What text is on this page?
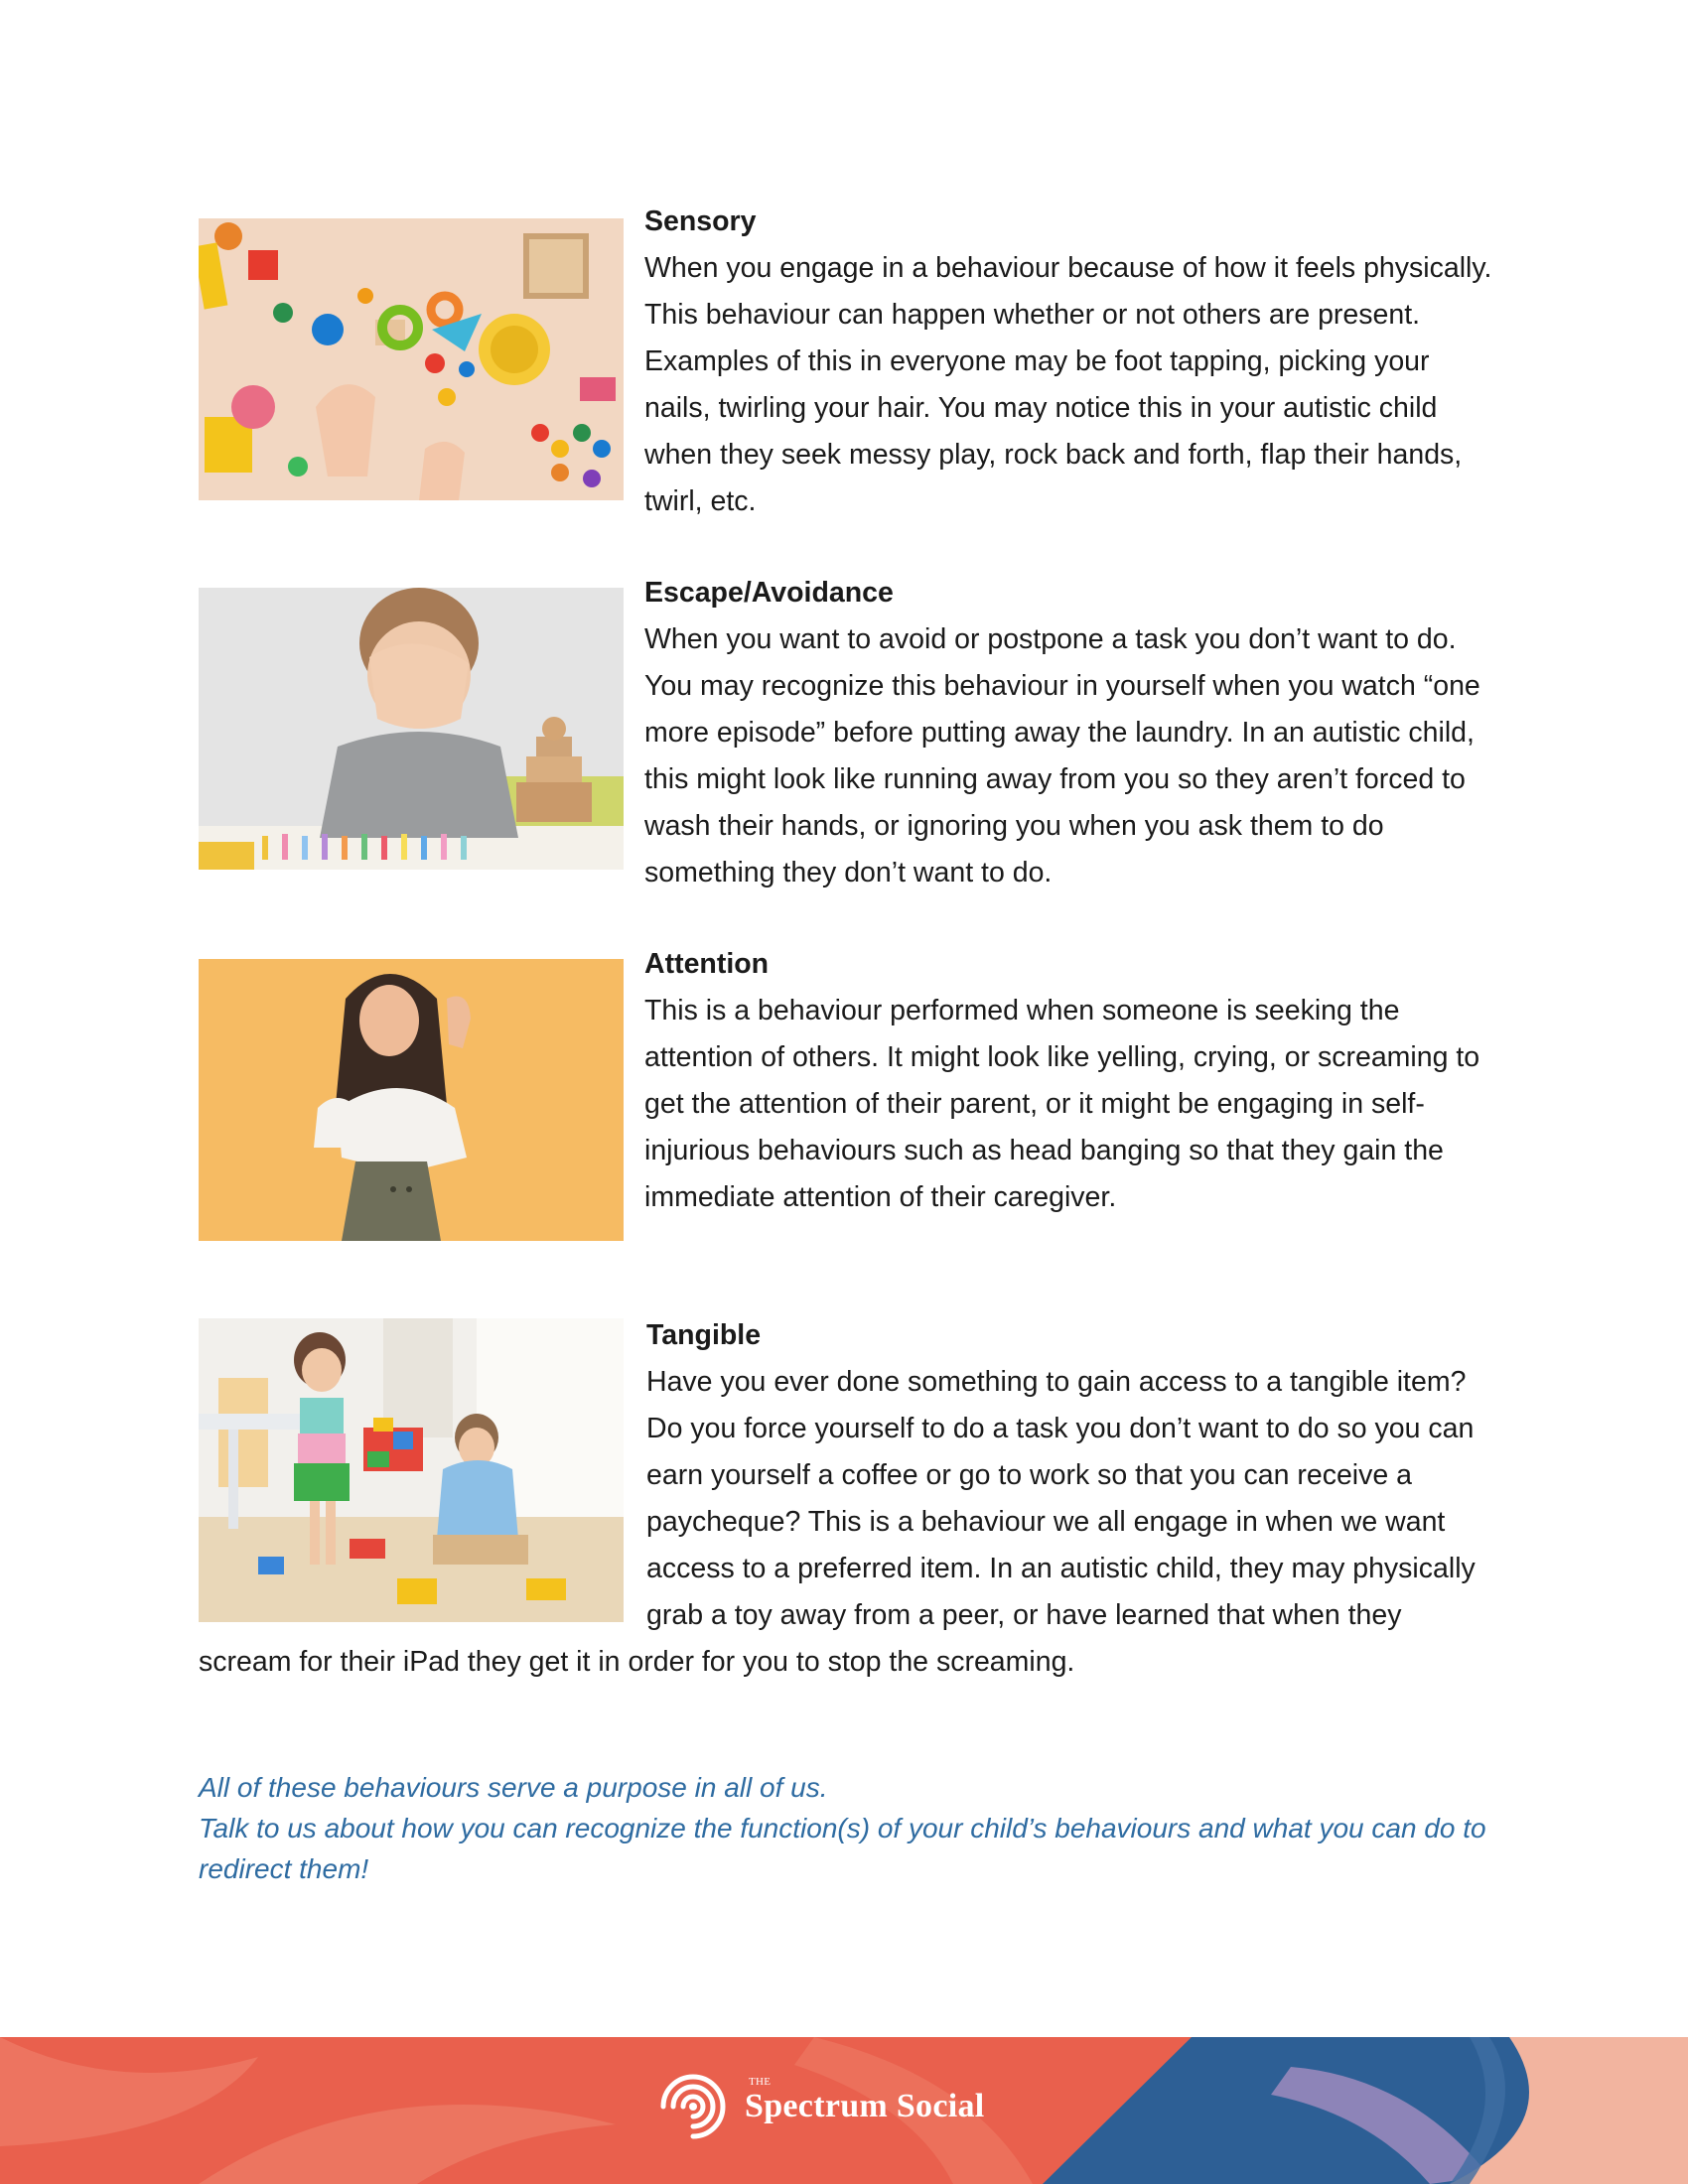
Sensory

When you engage in a behaviour because of how it feels physically. This behaviour can happen whether or not others are present. Examples of this in everyone may be foot tapping, picking your nails, twirling your hair. You may notice this in your autistic child when they seek messy play, rock back and forth, flap their hands, twirl, etc.

Escape/Avoidance

When you want to avoid or postpone a task you don’t want to do. You may recognize this behaviour in yourself when you watch “one more episode” before putting away the laundry. In an autistic child, this might look like running away from you so they aren’t forced to wash their hands, or ignoring you when you ask them to do something they don’t want to do.

Attention

This is a behaviour performed when someone is seeking the attention of others. It might look like yelling, crying, or screaming to get the attention of their parent, or it might be engaging in self-injurious behaviours such as head banging so that they gain the immediate attention of their caregiver.

Tangible

Have you ever done something to gain access to a tangible item? Do you force yourself to do a task you don’t want to do so you can earn yourself a coffee or go to work so that you can receive a paycheque? This is a behaviour we all engage in when we want access to a preferred item. In an autistic child, they may physically grab a toy away from a peer, or have learned that when they scream for their iPad they get it in order for you to stop the screaming.

All of these behaviours serve a purpose in all of us.

Talk to us about how you can recognize the function(s) of your child’s behaviours and what you can do to redirect them!

THE
Spectrum Social
